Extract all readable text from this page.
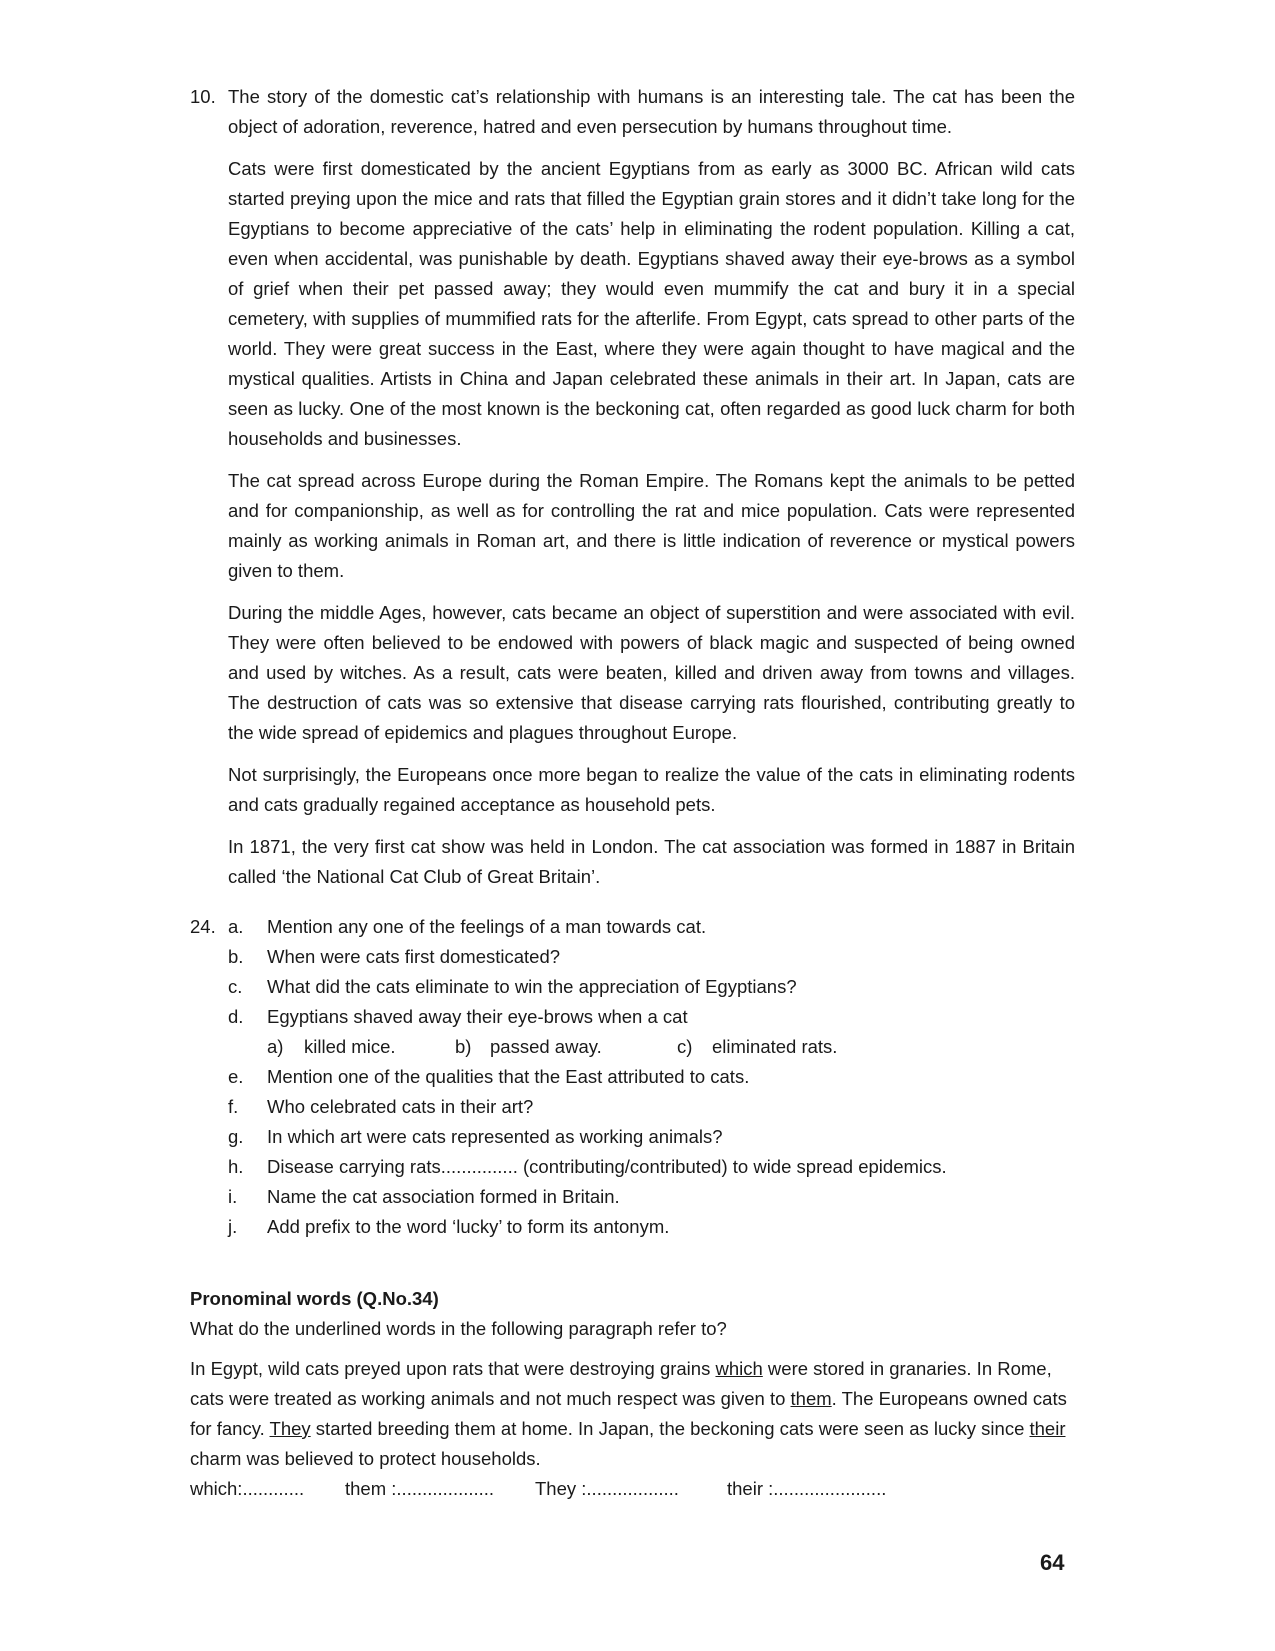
10. The story of the domestic cat’s relationship with humans is an interesting tale. The cat has been the object of adoration, reverence, hatred and even persecution by humans throughout time.

Cats were first domesticated by the ancient Egyptians from as early as 3000 BC. African wild cats started preying upon the mice and rats that filled the Egyptian grain stores and it didn’t take long for the Egyptians to become appreciative of the cats’ help in eliminating the rodent population. Killing a cat, even when accidental, was punishable by death. Egyptians shaved away their eye-brows as a symbol of grief when their pet passed away; they would even mummify the cat and bury it in a special cemetery, with supplies of mummified rats for the afterlife. From Egypt, cats spread to other parts of the world. They were great success in the East, where they were again thought to have magical and the mystical qualities. Artists in China and Japan celebrated these animals in their art. In Japan, cats are seen as lucky. One of the most known is the beckoning cat, often regarded as good luck charm for both households and businesses.

The cat spread across Europe during the Roman Empire. The Romans kept the animals to be petted and for companionship, as well as for controlling the rat and mice population. Cats were represented mainly as working animals in Roman art, and there is little indication of reverence or mystical powers given to them.

During the middle Ages, however, cats became an object of superstition and were associated with evil. They were often believed to be endowed with powers of black magic and suspected of being owned and used by witches. As a result, cats were beaten, killed and driven away from towns and villages. The destruction of cats was so extensive that disease carrying rats flourished, contributing greatly to the wide spread of epidemics and plagues throughout Europe.

Not surprisingly, the Europeans once more began to realize the value of the cats in eliminating rodents and cats gradually regained acceptance as household pets.

In 1871, the very first cat show was held in London. The cat association was formed in 1887 in Britain called ‘the National Cat Club of Great Britain’.

24. a. Mention any one of the feelings of a man towards cat.
b. When were cats first domesticated?
c. What did the cats eliminate to win the appreciation of Egyptians?
d. Egyptians shaved away their eye-brows when a cat
a) killed mice.	b) passed away.	c) eliminated rats.
e. Mention one of the qualities that the East attributed to cats.
f. Who celebrated cats in their art?
g. In which art were cats represented as working animals?
h. Disease carrying rats............... (contributing/contributed) to wide spread epidemics.
i. Name the cat association formed in Britain.
j. Add prefix to the word ‘lucky’ to form its antonym.
Pronominal words (Q.No.34)
What do the underlined words in the following paragraph refer to?

In Egypt, wild cats preyed upon rats that were destroying grains which were stored in granaries. In Rome, cats were treated as working animals and not much respect was given to them. The Europeans owned cats for fancy. They started breeding them at home. In Japan, the beckoning cats were seen as lucky since their charm was believed to protect households.

which:............ them :................... They :..................	their :......................
64
